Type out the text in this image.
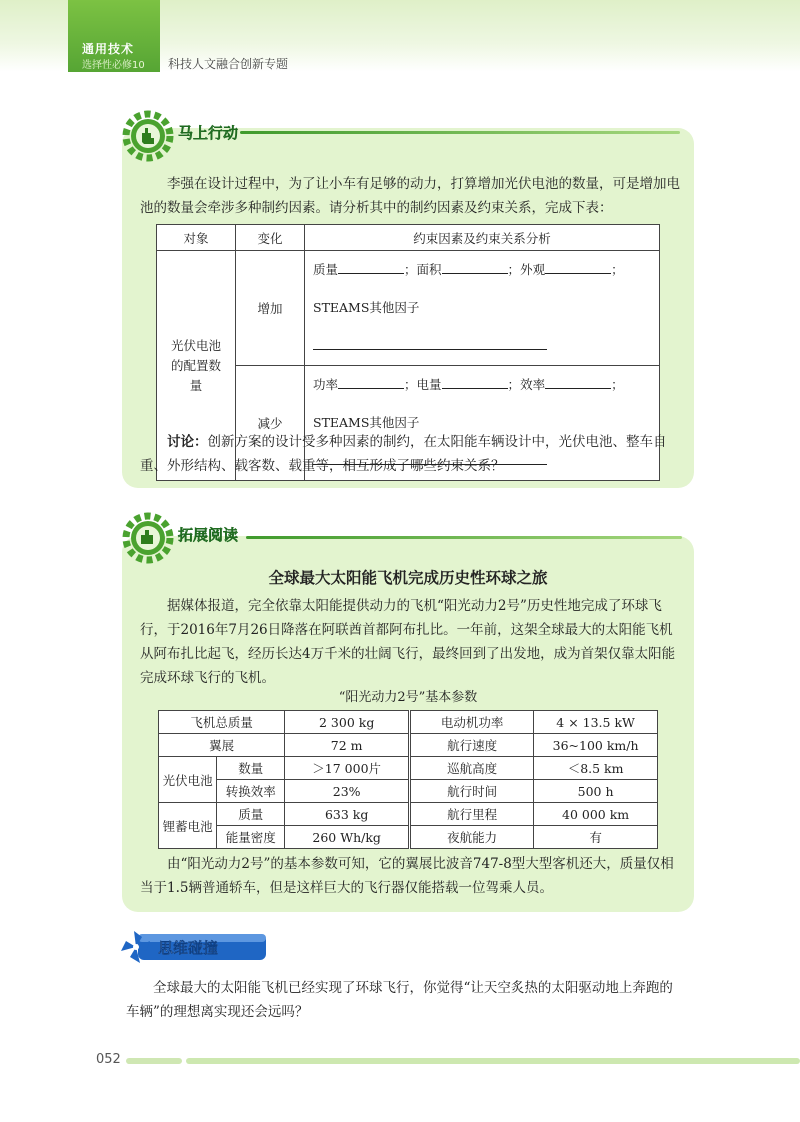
通用技术
选择性必修10 科技人文融合创新专题
马上行动
李强在设计过程中，为了让小车有足够的动力，打算增加光伏电池的数量，可是增加电池的数量会牵涉多种制约因素。请分析其中的制约因素及约束关系，完成下表：
对象	变化	约束因素及约束关系分析
光伏电池的配置数量	增加	质量 ；面积 ；外观 ；
STEAMS其他因子

	减少	功率 ；电量 ；效率 ；
STEAMS其他因子
讨论：创新方案的设计受多种因素的制约，在太阳能车辆设计中，光伏电池、整车自重、外形结构、载客数、载重等，相互形成了哪些约束关系？
拓展阅读
全球最大太阳能飞机完成历史性环球之旅
据媒体报道，完全依靠太阳能提供动力的飞机“阳光动力2号”历史性地完成了环球飞行，于2016年7月26日降落在阿联酋首都阿布扎比。一年前，这架全球最大的太阳能飞机从阿布扎比起飞，经历长达4万千米的壮阔飞行，最终回到了出发地，成为首架仅靠太阳能完成环球飞行的飞机。
“阳光动力2号”基本参数
飞机总质量		2 300 kg	电动机功率	4 × 13.5 kW
翼展		72 m	航行速度	36~100 km/h
光伏电池	数量	＞17 000片	巡航高度	＜8.5 km
	转换效率	23%	航行时间	500 h
锂蓄电池	质量	633 kg	航行里程	40 000 km
	能量密度	260 Wh/kg	夜航能力	有
由“阳光动力2号”的基本参数可知，它的翼展比波音747-8型大型客机还大，质量仅相当于1.5辆普通轿车，但是这样巨大的飞行器仅能搭载一位驾乘人员。
思维碰撞
全球最大的太阳能飞机已经实现了环球飞行，你觉得“让天空炙热的太阳驱动地上奔跑的车辆”的理想离实现还会远吗？
052
